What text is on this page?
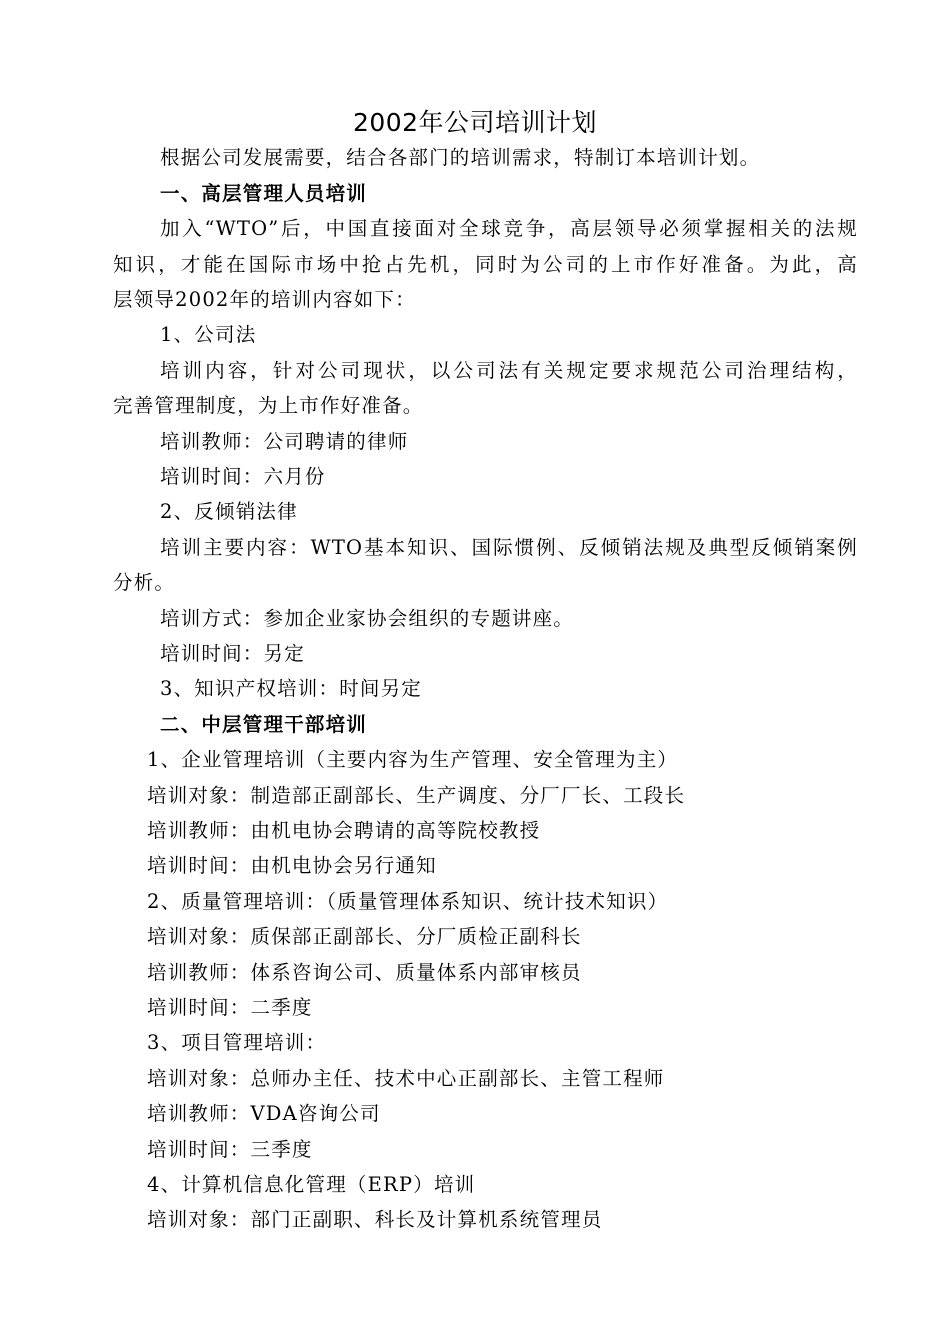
2002年公司培训计划
根据公司发展需要，结合各部门的培训需求，特制订本培训计划。
一、高层管理人员培训
加入“WTO”后，中国直接面对全球竞争，高层领导必须掌握相关的法规
知识，才能在国际市场中抢占先机，同时为公司的上市作好准备。为此，高
层领导2002年的培训内容如下：
1、公司法
培训内容，针对公司现状，以公司法有关规定要求规范公司治理结构，
完善管理制度，为上市作好准备。
培训教师：公司聘请的律师
培训时间：六月份
2、反倾销法律
培训主要内容：WTO基本知识、国际惯例、反倾销法规及典型反倾销案例
分析。
培训方式：参加企业家协会组织的专题讲座。
培训时间：另定
3、知识产权培训：时间另定
二、中层管理干部培训
1、企业管理培训（主要内容为生产管理、安全管理为主）
培训对象：制造部正副部长、生产调度、分厂厂长、工段长
培训教师：由机电协会聘请的高等院校教授
培训时间：由机电协会另行通知
2、质量管理培训：（质量管理体系知识、统计技术知识）
培训对象：质保部正副部长、分厂质检正副科长
培训教师：体系咨询公司、质量体系内部审核员
培训时间：二季度
3、项目管理培训：
培训对象：总师办主任、技术中心正副部长、主管工程师
培训教师：VDA咨询公司
培训时间：三季度
4、计算机信息化管理（ERP）培训
培训对象：部门正副职、科长及计算机系统管理员
